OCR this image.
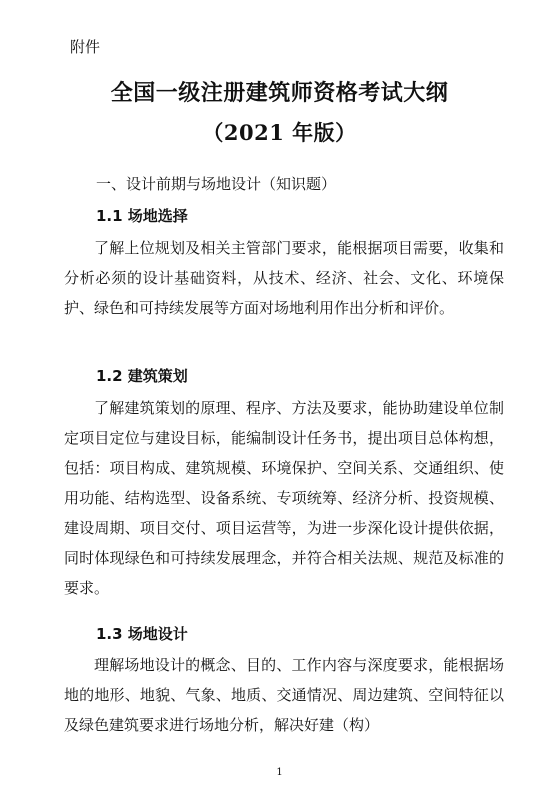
附件
全国一级注册建筑师资格考试大纲
（2021 年版）
一、设计前期与场地设计（知识题）
1.1 场地选择

了解上位规划及相关主管部门要求，能根据项目需要，收集和分析必须的设计基础资料，从技术、经济、社会、文化、环境保护、绿色和可持续发展等方面对场地利用作出分析和评价。

1.2 建筑策划

了解建筑策划的原理、程序、方法及要求，能协助建设单位制定项目定位与建设目标，能编制设计任务书，提出项目总体构想，包括：项目构成、建筑规模、环境保护、空间关系、交通组织、使用功能、结构选型、设备系统、专项统筹、经济分析、投资规模、建设周期、项目交付、项目运营等，为进一步深化设计提供依据，同时体现绿色和可持续发展理念，并符合相关法规、规范及标准的要求。

1.3 场地设计

理解场地设计的概念、目的、工作内容与深度要求，能根据场地的地形、地貌、气象、地质、交通情况、周边建筑、空间特征以及绿色建筑要求进行场地分析，解决好建（构）

1
